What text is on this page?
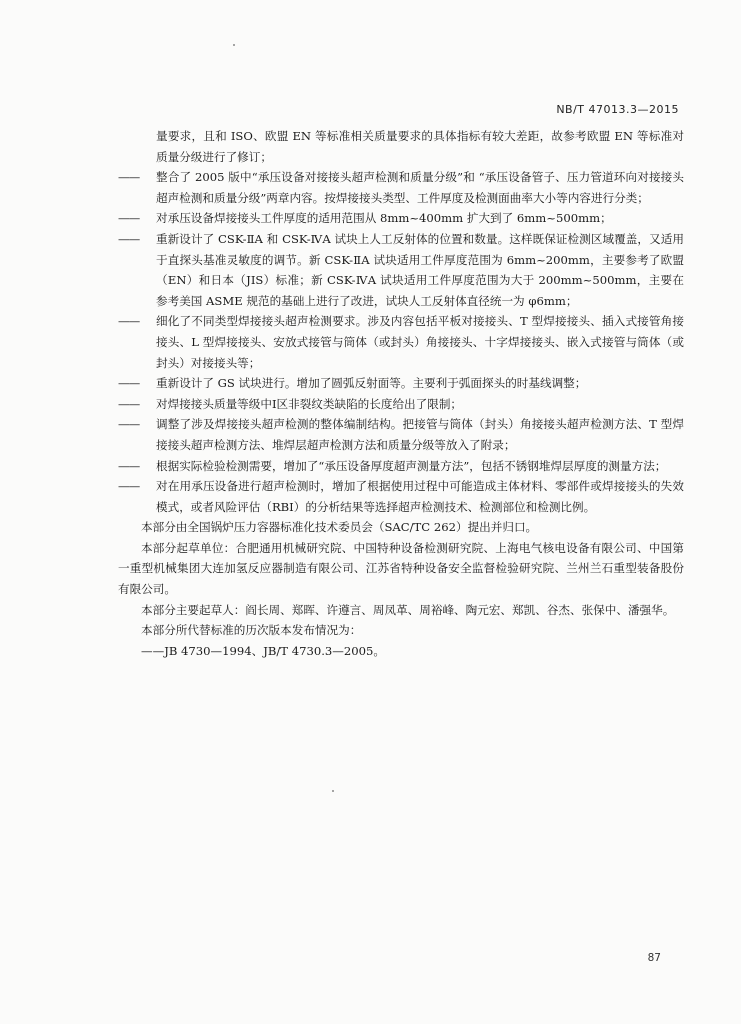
NB/T 47013.3—2015

量要求，且和 ISO、欧盟 EN 等标准相关质量要求的具体指标有较大差距，故参考欧盟 EN 等标准对质量分级进行了修订；

—— 整合了 2005 版中“承压设备对接接头超声检测和质量分级”和 “承压设备管子、压力管道环向对接接头超声检测和质量分级”两章内容。按焊接接头类型、工件厚度及检测面曲率大小等内容进行分类；
—— 对承压设备焊接接头工件厚度的适用范围从 8mm~400mm 扩大到了 6mm~500mm；
—— 重新设计了 CSK-ⅡA 和 CSK-ⅣA 试块上人工反射体的位置和数量。这样既保证检测区域覆盖，又适用于直探头基准灵敏度的调节。新 CSK-ⅡA 试块适用工件厚度范围为 6mm~200mm，主要参考了欧盟（EN）和日本（JIS）标准；新 CSK-ⅣA 试块适用工件厚度范围为大于 200mm~500mm，主要在参考美国 ASME 规范的基础上进行了改进，试块人工反射体直径统一为 φ6mm；
—— 细化了不同类型焊接接头超声检测要求。涉及内容包括平板对接接头、T 型焊接接头、插入式接管角接接头、L 型焊接接头、安放式接管与筒体（或封头）角接接头、十字焊接接头、嵌入式接管与筒体（或封头）对接接头等；
—— 重新设计了 GS 试块进行。增加了圆弧反射面等。主要利于弧面探头的时基线调整；
—— 对焊接接头质量等级中Ⅰ区非裂纹类缺陷的长度给出了限制；
—— 调整了涉及焊接接头超声检测的整体编制结构。把接管与筒体（封头）角接接头超声检测方法、T 型焊接接头超声检测方法、堆焊层超声检测方法和质量分级等放入了附录；
—— 根据实际检验检测需要，增加了“承压设备厚度超声测量方法”，包括不锈钢堆焊层厚度的测量方法；
—— 对在用承压设备进行超声检测时，增加了根据使用过程中可能造成主体材料、零部件或焊接接头的失效模式，或者风险评估（RBI）的分析结果等选择超声检测技术、检测部位和检测比例。

本部分由全国锅炉压力容器标准化技术委员会（SAC/TC 262）提出并归口。

本部分起草单位：合肥通用机械研究院、中国特种设备检测研究院、上海电气核电设备有限公司、中国第一重型机械集团大连加氢反应器制造有限公司、江苏省特种设备安全监督检验研究院、兰州兰石重型装备股份有限公司。

本部分主要起草人：阎长周、郑晖、许遵言、周凤革、周裕峰、陶元宏、郑凯、谷杰、张保中、潘强华。

本部分所代替标准的历次版本发布情况为：

——JB 4730—1994、JB/T 4730.3—2005。

87
